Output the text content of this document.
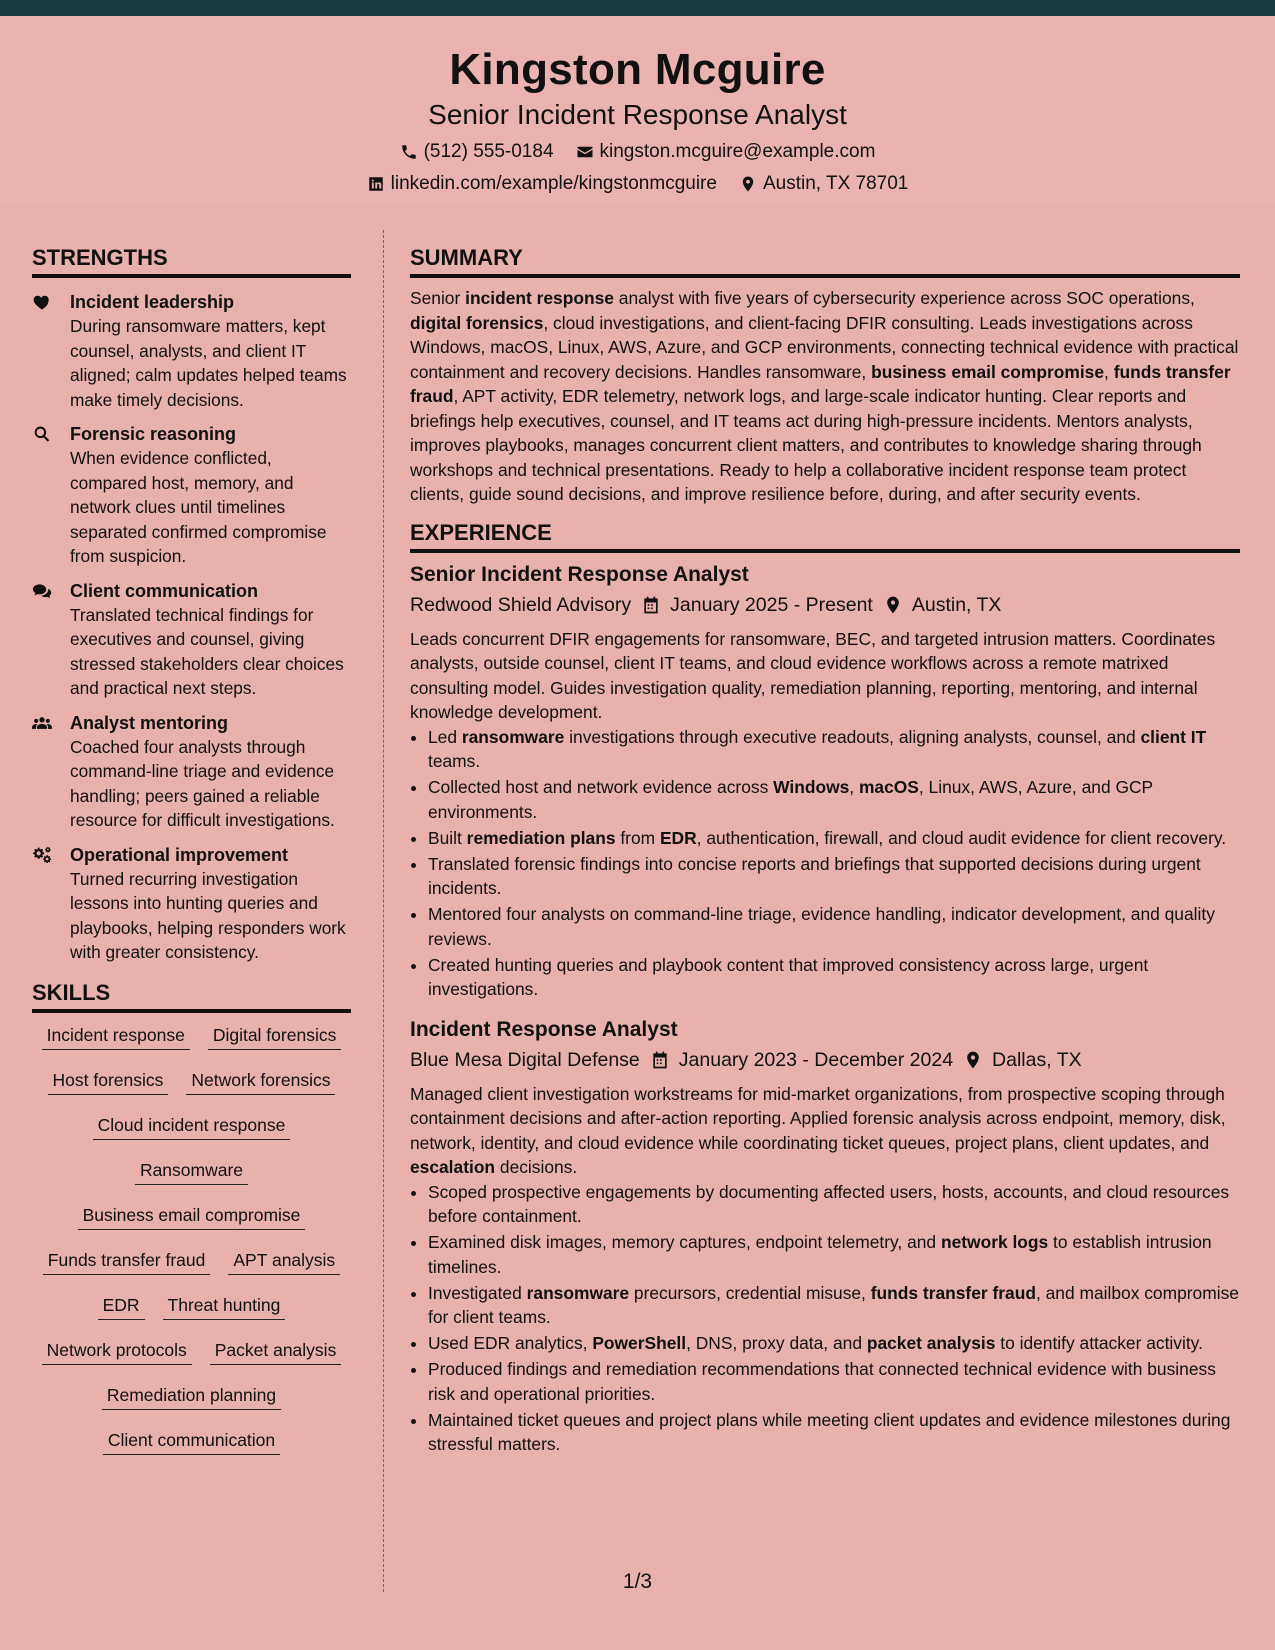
Kingston Mcguire
Senior Incident Response Analyst
(512) 555-0184 kingston.mcguire@example.com
linkedin.com/example/kingstonmcguire Austin, TX 78701
STRENGTHS
Incident leadership
During ransomware matters, kept counsel, analysts, and client IT aligned; calm updates helped teams make timely decisions.
Forensic reasoning
When evidence conflicted, compared host, memory, and network clues until timelines separated confirmed compromise from suspicion.
Client communication
Translated technical findings for executives and counsel, giving stressed stakeholders clear choices and practical next steps.
Analyst mentoring
Coached four analysts through command-line triage and evidence handling; peers gained a reliable resource for difficult investigations.
Operational improvement
Turned recurring investigation lessons into hunting queries and playbooks, helping responders work with greater consistency.
SKILLS
Incident response Digital forensics
Host forensics Network forensics
Cloud incident response
Ransomware
Business email compromise
Funds transfer fraud APT analysis
EDR Threat hunting
Network protocols Packet analysis
Remediation planning
Client communication
SUMMARY
Senior incident response analyst with five years of cybersecurity experience across SOC operations, digital forensics, cloud investigations, and client-facing DFIR consulting. Leads investigations across Windows, macOS, Linux, AWS, Azure, and GCP environments, connecting technical evidence with practical containment and recovery decisions. Handles ransomware, business email compromise, funds transfer fraud, APT activity, EDR telemetry, network logs, and large-scale indicator hunting. Clear reports and briefings help executives, counsel, and IT teams act during high-pressure incidents. Mentors analysts, improves playbooks, manages concurrent client matters, and contributes to knowledge sharing through workshops and technical presentations. Ready to help a collaborative incident response team protect clients, guide sound decisions, and improve resilience before, during, and after security events.
EXPERIENCE
Senior Incident Response Analyst
Redwood Shield Advisory January 2025 - Present Austin, TX
Leads concurrent DFIR engagements for ransomware, BEC, and targeted intrusion matters. Coordinates analysts, outside counsel, client IT teams, and cloud evidence workflows across a remote matrixed consulting model. Guides investigation quality, remediation planning, reporting, mentoring, and internal knowledge development.
• Led ransomware investigations through executive readouts, aligning analysts, counsel, and client IT teams.
• Collected host and network evidence across Windows, macOS, Linux, AWS, Azure, and GCP environments.
• Built remediation plans from EDR, authentication, firewall, and cloud audit evidence for client recovery.
• Translated forensic findings into concise reports and briefings that supported decisions during urgent incidents.
• Mentored four analysts on command-line triage, evidence handling, indicator development, and quality reviews.
• Created hunting queries and playbook content that improved consistency across large, urgent investigations.
Incident Response Analyst
Blue Mesa Digital Defense January 2023 - December 2024 Dallas, TX
Managed client investigation workstreams for mid-market organizations, from prospective scoping through containment decisions and after-action reporting. Applied forensic analysis across endpoint, memory, disk, network, identity, and cloud evidence while coordinating ticket queues, project plans, client updates, and escalation decisions.
• Scoped prospective engagements by documenting affected users, hosts, accounts, and cloud resources before containment.
• Examined disk images, memory captures, endpoint telemetry, and network logs to establish intrusion timelines.
• Investigated ransomware precursors, credential misuse, funds transfer fraud, and mailbox compromise for client teams.
• Used EDR analytics, PowerShell, DNS, proxy data, and packet analysis to identify attacker activity.
• Produced findings and remediation recommendations that connected technical evidence with business risk and operational priorities.
• Maintained ticket queues and project plans while meeting client updates and evidence milestones during stressful matters.
1/3
